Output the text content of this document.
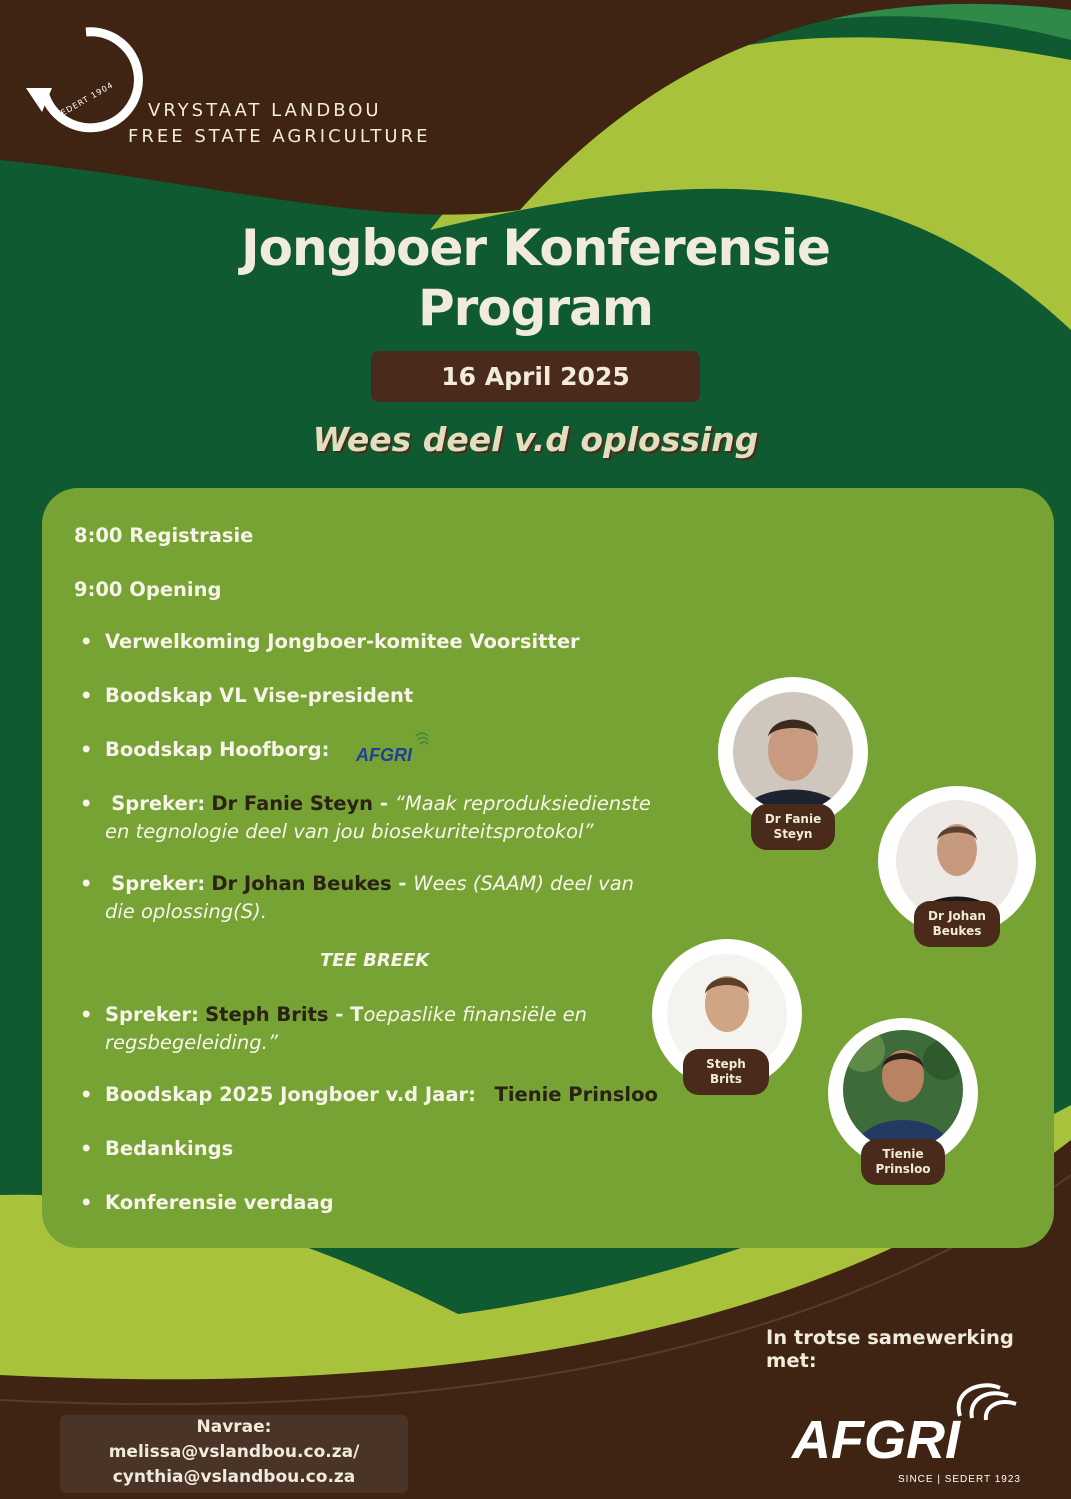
SEDERT 1904 VRYSTAAT LANDBOU
FREE STATE AGRICULTURE
Jongboer Konferensie
Program
16 April 2025
Wees deel v.d oplossing
8:00 Registrasie
9:00 Opening
• Verwelkoming Jongboer-komitee Voorsitter
• Boodskap VL Vise-president
• Boodskap Hoofborg: AFGRI
• Spreker: Dr Fanie Steyn - “Maak reproduksiedienste
en tegnologie deel van jou biosekuriteitsprotokol”
• Spreker: Dr Johan Beukes - Wees (SAAM) deel van
die oplossing(S).
TEE BREEK
• Spreker: Steph Brits - Toepaslike finansiële en
regsbegeleiding.”
• Boodskap 2025 Jongboer v.d Jaar: Tienie Prinsloo
• Bedankings
• Konferensie verdaag
Dr Fanie
Steyn
Dr Johan
Beukes
Steph
Brits
Tienie
Prinsloo
In trotse samewerking met:
AFGRI
SINCE | SEDERT 1923
Navrae:
melissa@vslandbou.co.za/
cynthia@vslandbou.co.za
